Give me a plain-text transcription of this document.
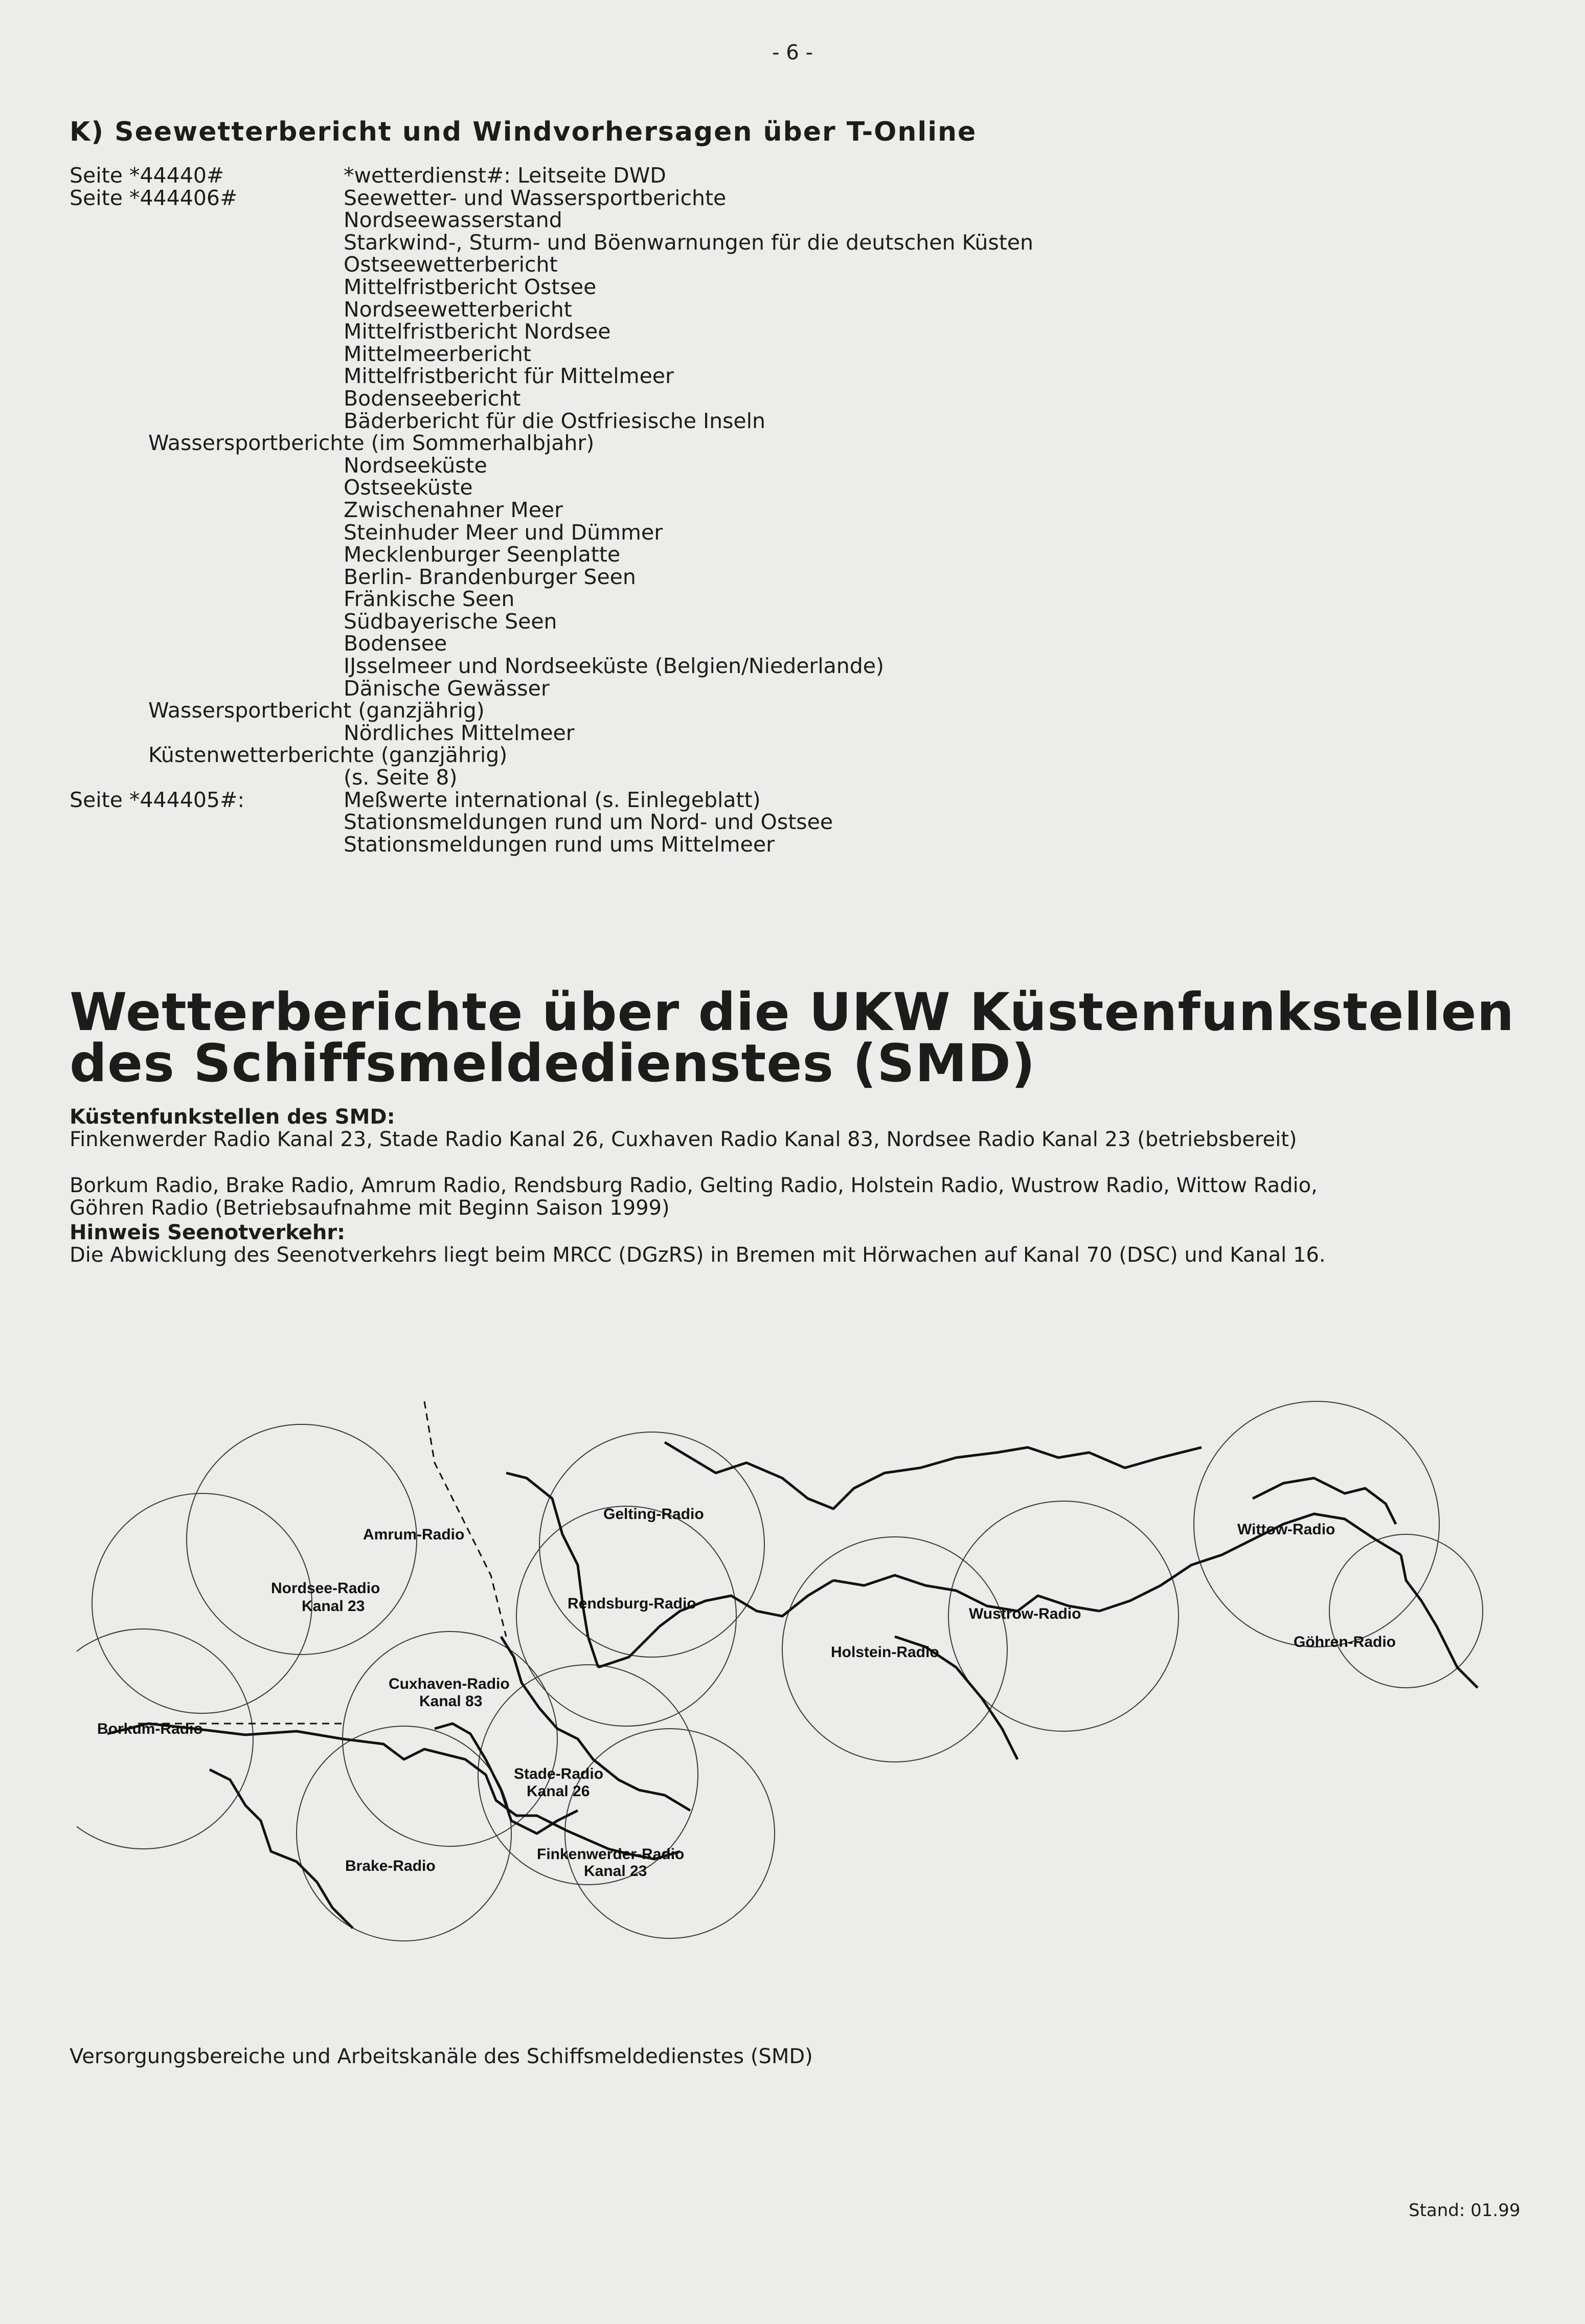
- 6 -
K) Seewetterbericht und Windvorhersagen über T-Online
Seite *44440#	*wetterdienst#: Leitseite DWD
Seite *444406#	Seewetter- und Wassersportberichte
Nordseewasserstand
Starkwind-, Sturm- und Böenwarnungen für die deutschen Küsten
Ostseewetterbericht
Mittelfristbericht Ostsee
Nordseewetterbericht
Mittelfristbericht Nordsee
Mittelmeerbericht
Mittelfristbericht für Mittelmeer
Bodenseebericht
Bäderbericht für die Ostfriesische Inseln
Wassersportberichte (im Sommerhalbjahr)
Nordseeküste
Ostseeküste
Zwischenahner Meer
Steinhuder Meer und Dümmer
Mecklenburger Seenplatte
Berlin- Brandenburger Seen
Fränkische Seen
Südbayerische Seen
Bodensee
IJsselmeer und Nordseeküste (Belgien/Niederlande)
Dänische Gewässer
Wassersportbericht (ganzjährig)
Nördliches Mittelmeer
Küstenwetterberichte (ganzjährig)
(s. Seite 8)
Seite *444405#:	Meßwerte international (s. Einlegeblatt)
Stationsmeldungen rund um Nord- und Ostsee
Stationsmeldungen rund ums Mittelmeer
Wetterberichte über die UKW Küstenfunkstellen
des Schiffsmeldedienstes (SMD)
Küstenfunkstellen des SMD:
Finkenwerder Radio Kanal 23, Stade Radio Kanal 26, Cuxhaven Radio Kanal 83, Nordsee Radio Kanal 23 (betriebsbereit)
Borkum Radio, Brake Radio, Amrum Radio, Rendsburg Radio, Gelting Radio, Holstein Radio, Wustrow Radio, Wittow Radio,
Göhren Radio (Betriebsaufnahme mit Beginn Saison 1999)
Hinweis Seenotverkehr:
Die Abwicklung des Seenotverkehrs liegt beim MRCC (DGzRS) in Bremen mit Hörwachen auf Kanal 70 (DSC) und Kanal 16.
Amrum-Radio
Gelting-Radio
Wittow-Radio
Nordsee-Radio
Kanal 23	Rendsburg-Radio
Wustrow-Radio
Göhren-Radio
Holstein-Radio
Cuxhaven-Radio
Kanal 83
Borkum-Radio
Stade-Radio
Kanal 26
Brake-Radio
Finkenwerder-Radio
Kanal 23
Versorgungsbereiche und Arbeitskanäle des Schiffsmeldedienstes (SMD)
Stand: 01.99
